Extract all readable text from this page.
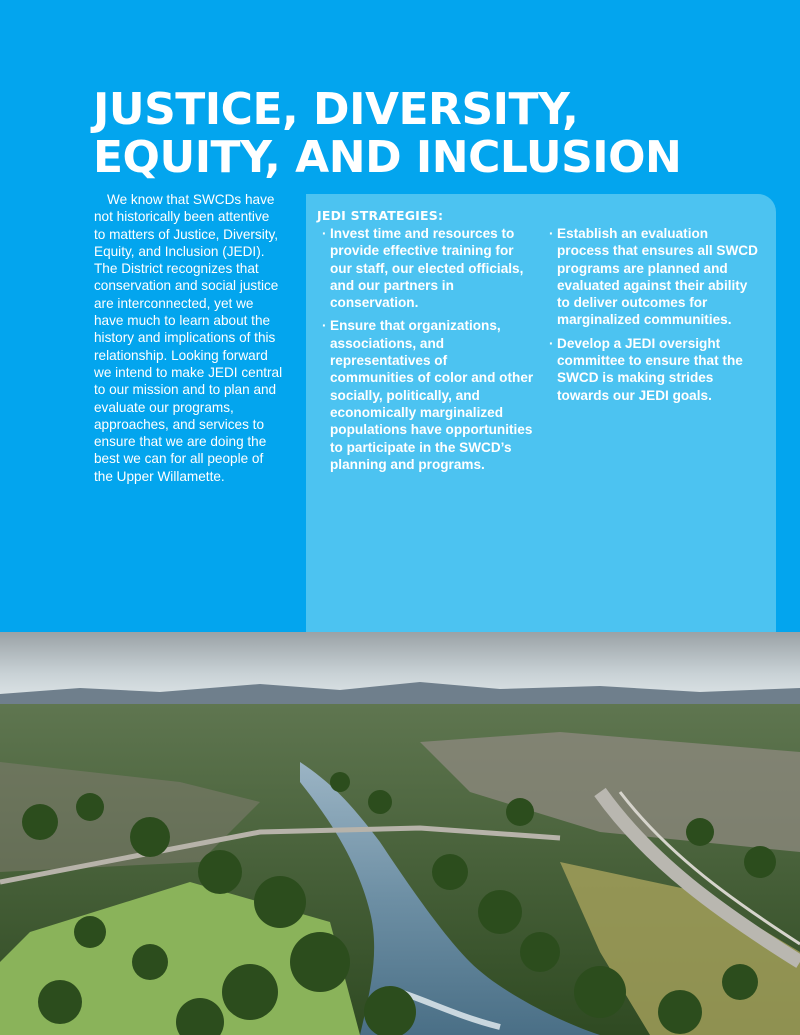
JUSTICE, DIVERSITY,
EQUITY, AND INCLUSION

We know that SWCDs have not historically been attentive to matters of Justice, Diversity, Equity, and Inclusion (JEDI). The District recognizes that conservation and social justice are interconnected, yet we have much to learn about the history and implications of this relationship. Looking forward we intend to make JEDI central to our mission and to plan and evaluate our programs, approaches, and services to ensure that we are doing the best we can for all people of the Upper Willamette.

JEDI STRATEGIES:
· Invest time and resources to provide effective training for our staff, our elected officials, and our partners in conservation.
· Ensure that organizations, associations, and representatives of communities of color and other socially, politically, and economically marginalized populations have opportunities to participate in the SWCD’s planning and programs.
· Establish an evaluation process that ensures all SWCD programs are planned and evaluated against their ability to deliver outcomes for marginalized communities.
· Develop a JEDI oversight committee to ensure that the SWCD is making strides towards our JEDI goals.
